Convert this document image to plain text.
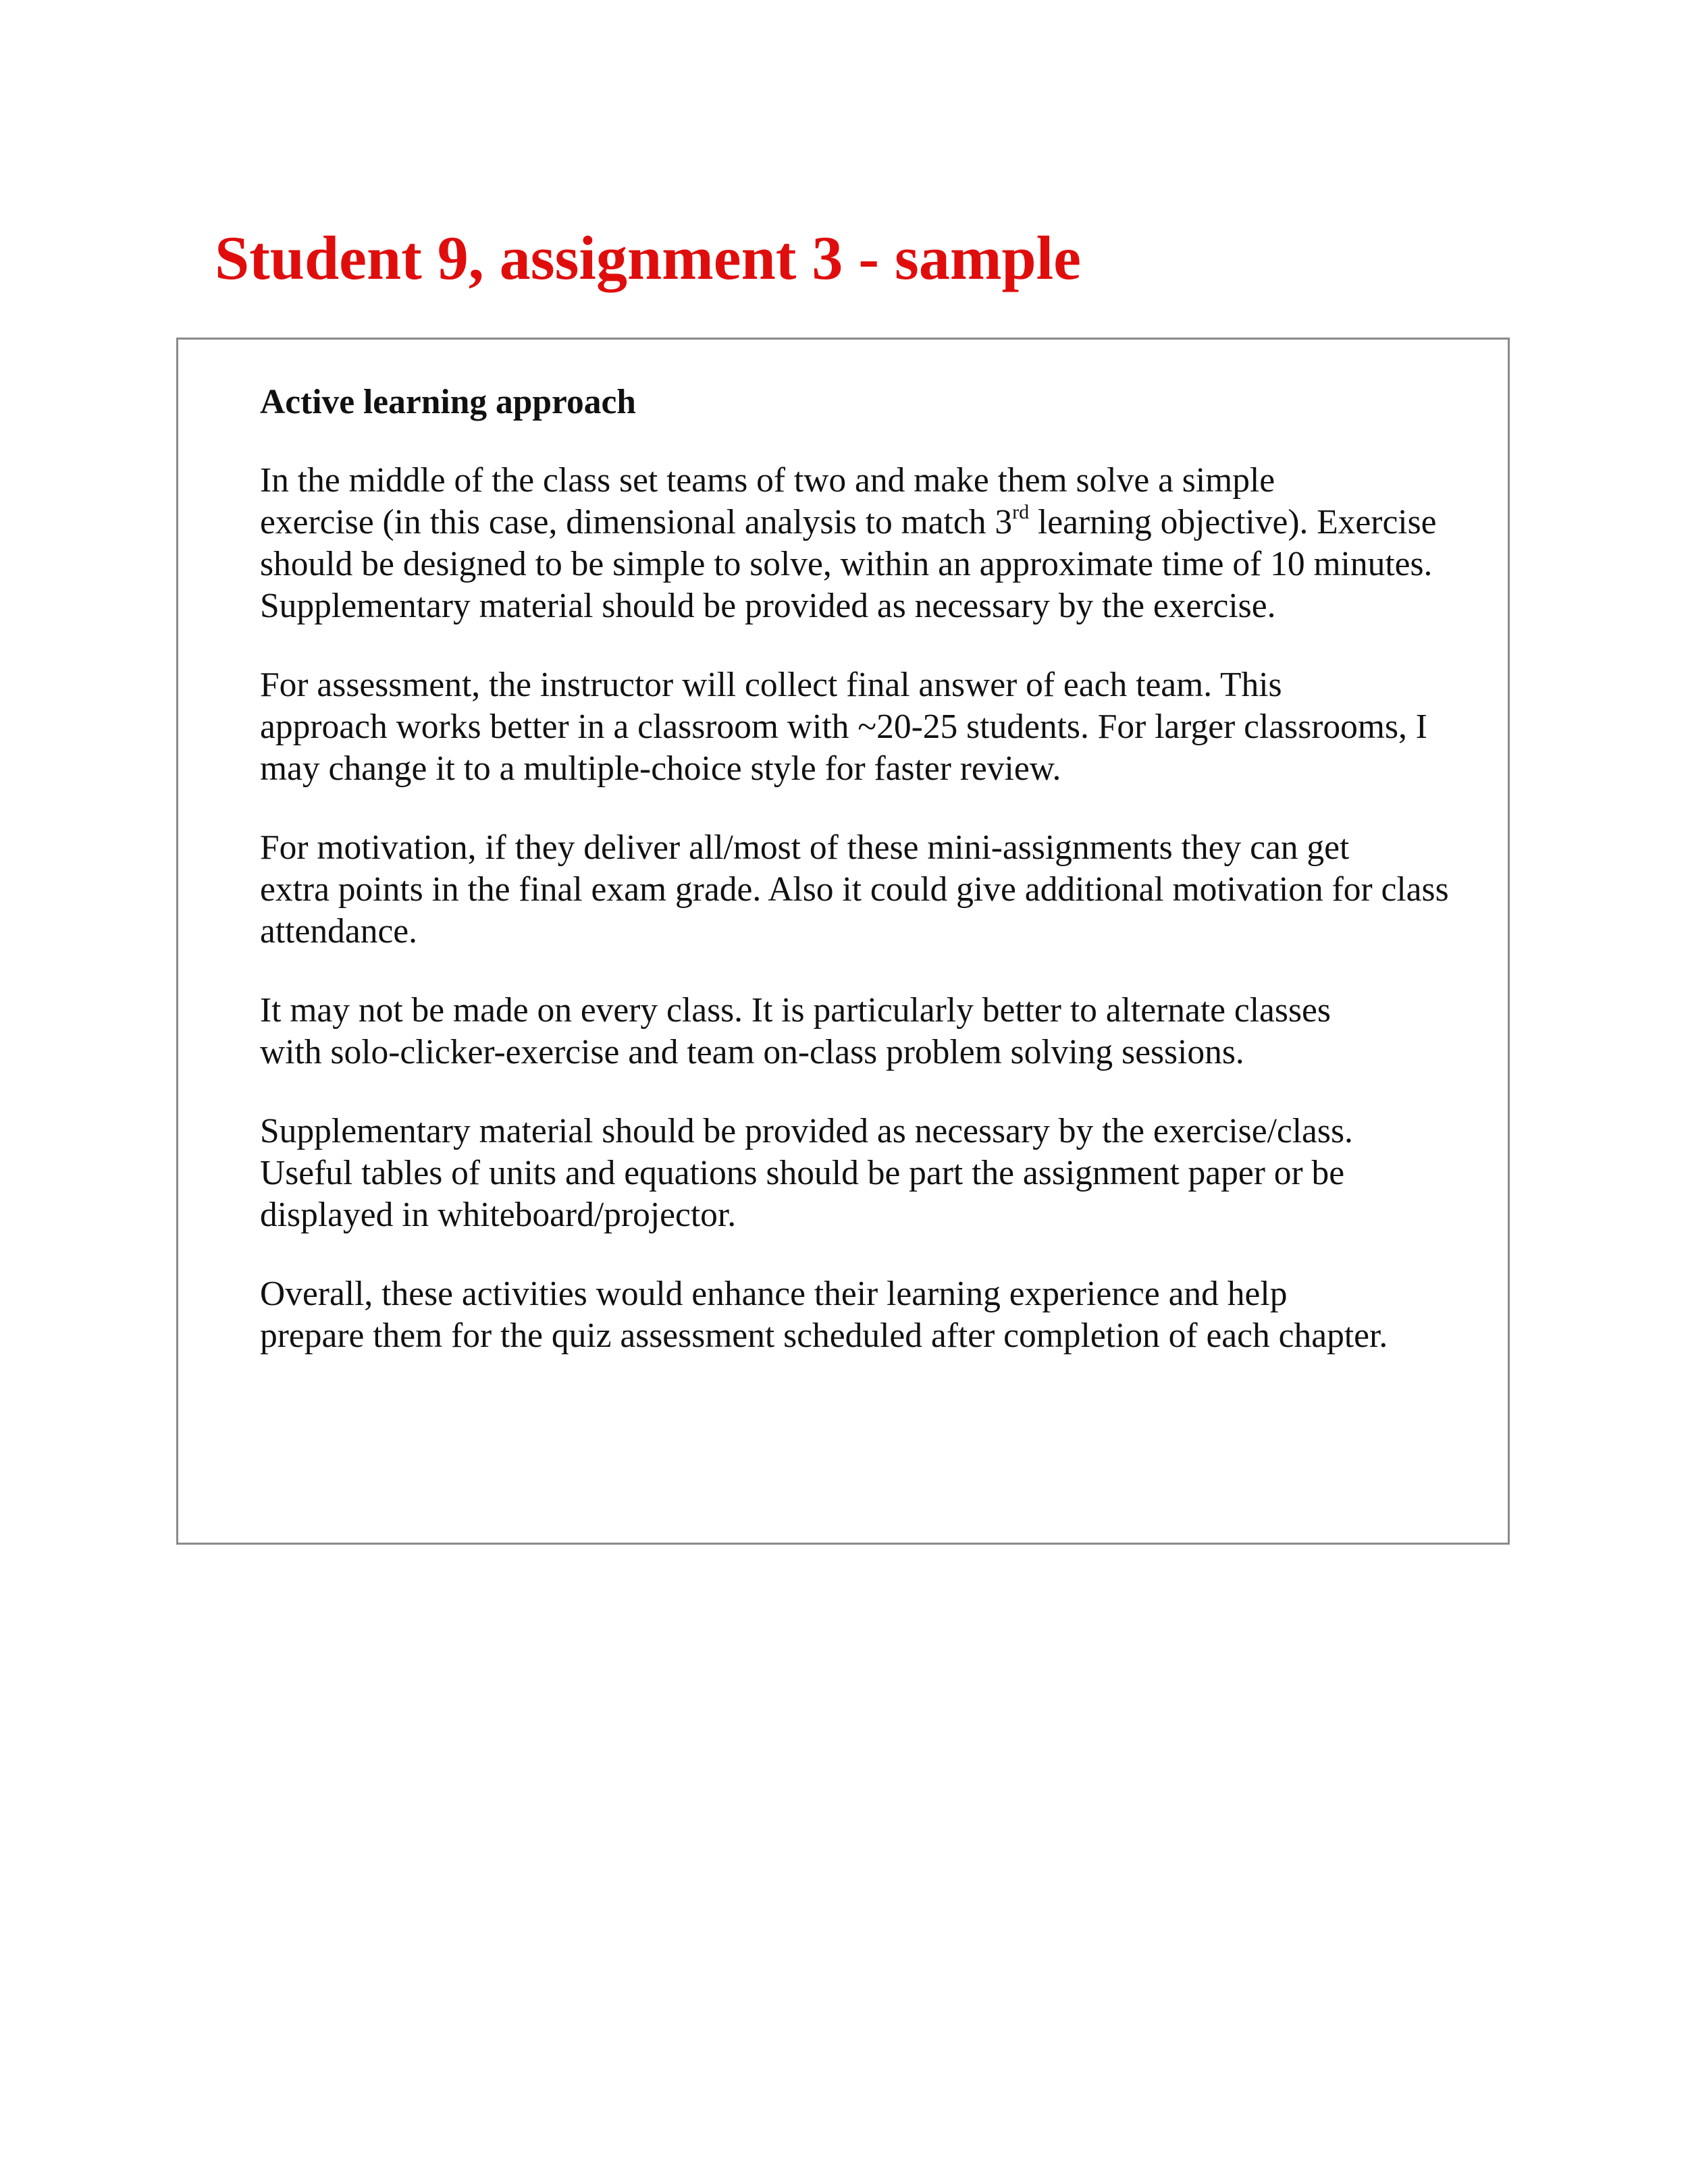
Student 9, assignment 3 - sample

Active learning approach

In the middle of the class set teams of two and make them solve a simple
exercise (in this case, dimensional analysis to match 3rd learning objective). Exercise
should be designed to be simple to solve, within an approximate time of 10 minutes.
Supplementary material should be provided as necessary by the exercise.

For assessment, the instructor will collect final answer of each team. This
approach works better in a classroom with ~20-25 students. For larger classrooms, I
may change it to a multiple-choice style for faster review.

For motivation, if they deliver all/most of these mini-assignments they can get
extra points in the final exam grade. Also it could give additional motivation for class
attendance.

It may not be made on every class. It is particularly better to alternate classes
with solo-clicker-exercise and team on-class problem solving sessions.

Supplementary material should be provided as necessary by the exercise/class.
Useful tables of units and equations should be part the assignment paper or be
displayed in whiteboard/projector.

Overall, these activities would enhance their learning experience and help
prepare them for the quiz assessment scheduled after completion of each chapter.
